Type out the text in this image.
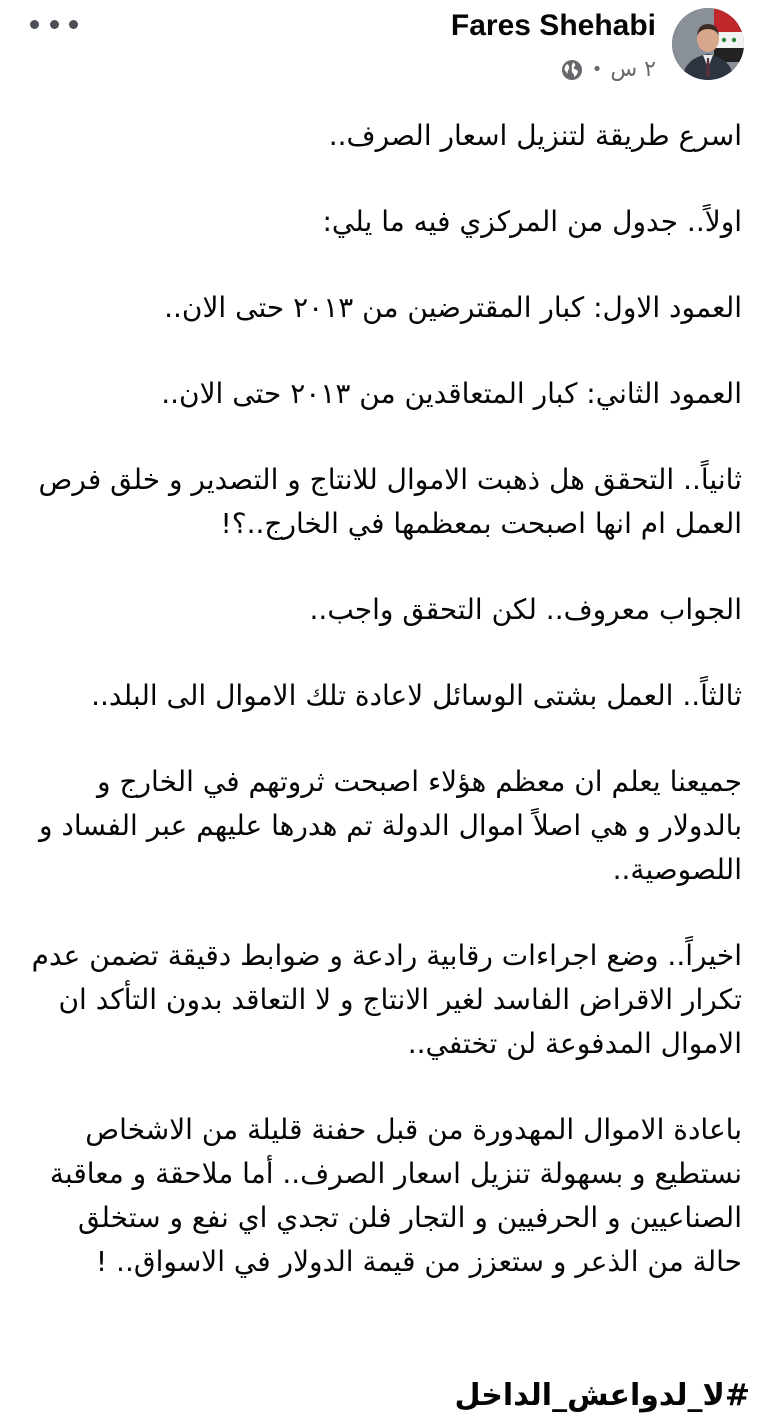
Fares Shehabi
٢ س
•

اسرع طريقة لتنزيل اسعار الصرف..

اولاً.. جدول من المركزي فيه ما يلي:

العمود الاول: كبار المقترضين من ٢٠١٣ حتى الان..

العمود الثاني: كبار المتعاقدين من ٢٠١٣ حتى الان..

ثانياً.. التحقق هل ذهبت الاموال للانتاج و التصدير و خلق فرص العمل ام انها اصبحت بمعظمها في الخارج..؟!

الجواب معروف.. لكن التحقق واجب..

ثالثاً.. العمل بشتى الوسائل لاعادة تلك الاموال الى البلد..

جميعنا يعلم ان معظم هؤلاء اصبحت ثروتهم في الخارج و بالدولار و هي اصلاً اموال الدولة تم هدرها عليهم عبر الفساد و اللصوصية..

اخيراً.. وضع اجراءات رقابية رادعة و ضوابط دقيقة تضمن عدم تكرار الاقراض الفاسد لغير الانتاج و لا التعاقد بدون التأكد ان الاموال المدفوعة لن تختفي..

باعادة الاموال المهدورة من قبل حفنة قليلة من الاشخاص نستطيع و بسهولة تنزيل اسعار الصرف.. أما ملاحقة و معاقبة الصناعيين و الحرفيين و التجار فلن تجدي اي نفع و ستخلق حالة من الذعر و ستعزز من قيمة الدولار في الاسواق.. !

#لا_لدواعش_الداخل
